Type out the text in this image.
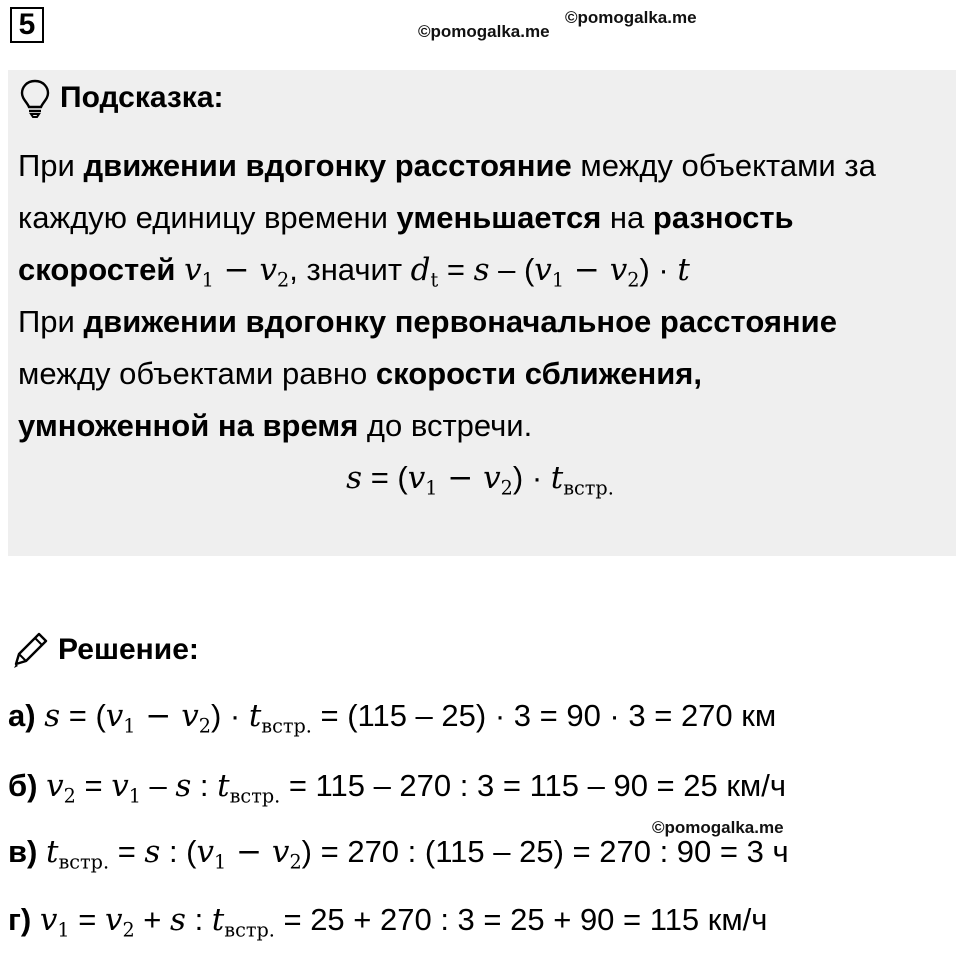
5	©pomogalka.me
©pomogalka.me
Подсказка:
При движении вдогонку расстояние между объектами за
каждую единицу времени уменьшается на разность
скоростей $v_1 - v_2$, значит $d_t = s - (v_1 - v_2) \cdot t$
При движении вдогонку первоначальное расстояние
между объектами равно скорости сближения,
умноженной на время до встречи.
$s = (v_1 - v_2) \cdot t_{встр.}$
Решение:
а) $s = (v_1 - v_2) \cdot t_{встр.} = (115 - 25) \cdot 3 = 90 \cdot 3 = 270$ км
б) $v_2 = v_1 - s$ : $t_{встр.} = 115 - 270$ : 3 = 115 – 90 = 25 км/ч
©pomogalka.me
в) $t_{встр.} = s$ : $(v_1 - v_2) = 270$ : (115 – 25) = 270 : 90 = 3 ч
г) $v_1 = v_2 + s$ : $t_{встр.} = 25 + 270$ : 3 = 25 + 90 = 115 км/ч
